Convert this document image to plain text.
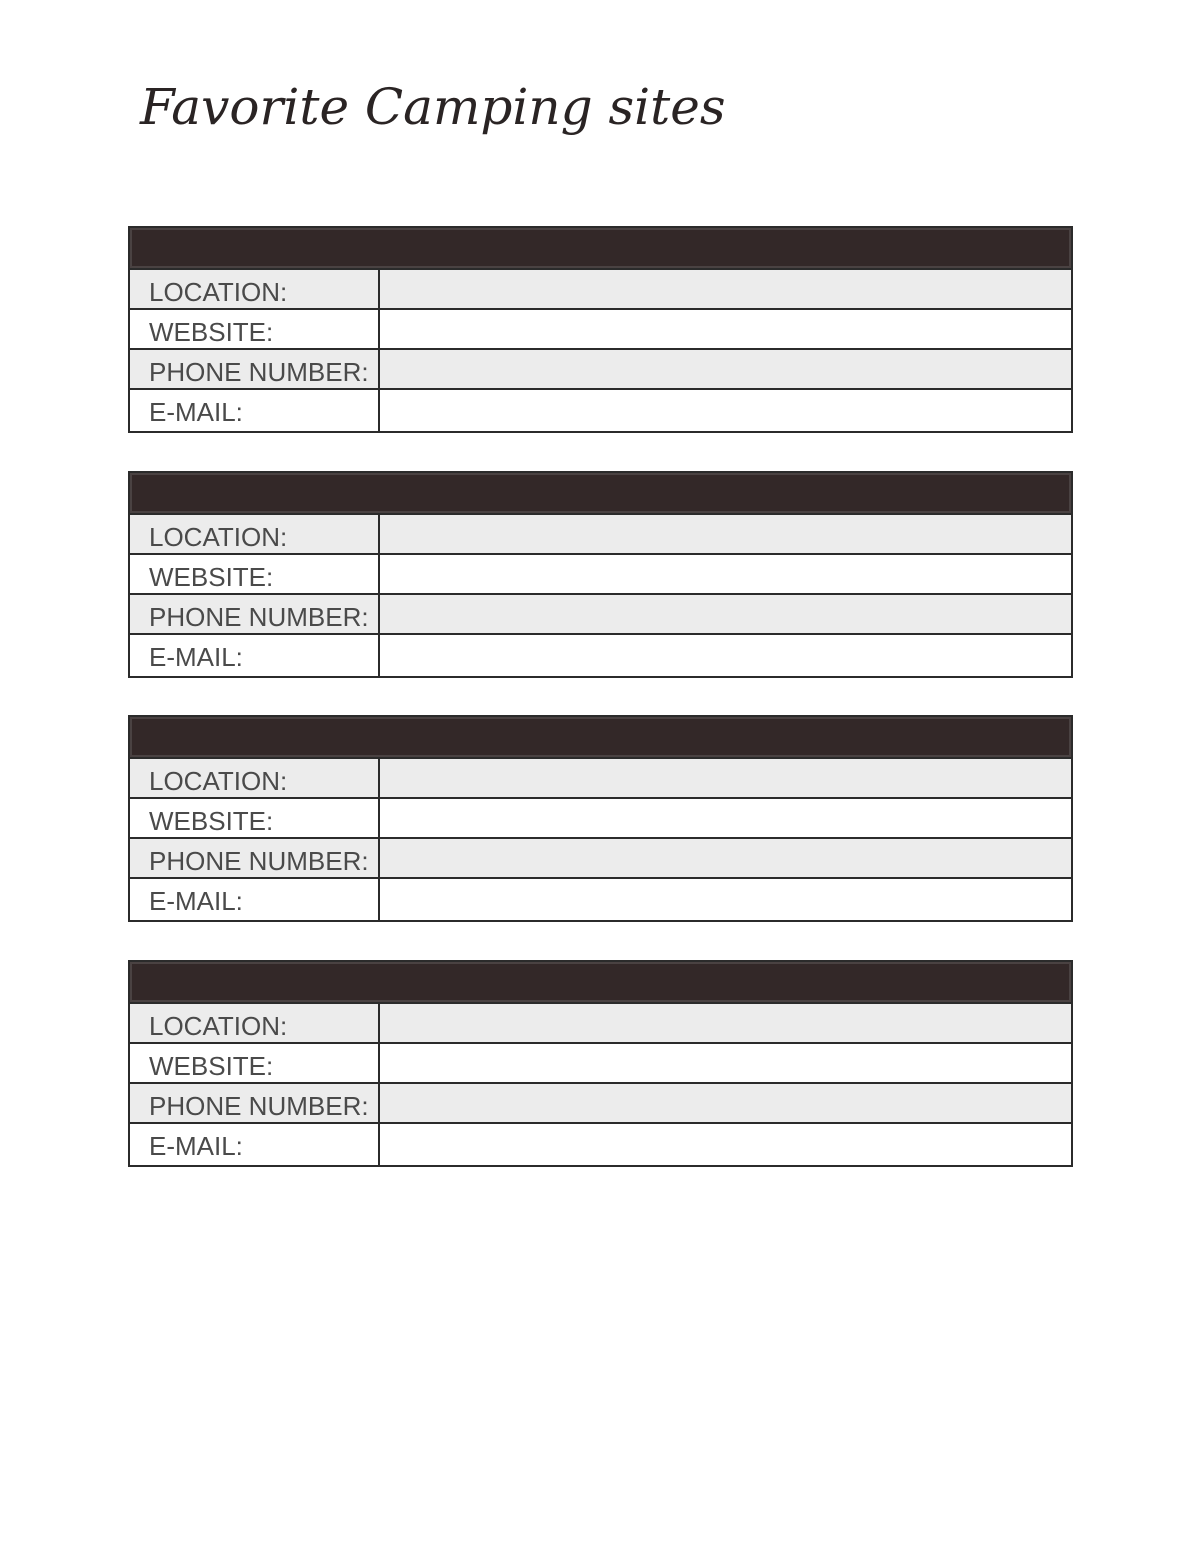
Favorite Camping sites
LOCATION:
WEBSITE:
PHONE NUMBER:
E-MAIL:
LOCATION:
WEBSITE:
PHONE NUMBER:
E-MAIL:
LOCATION:
WEBSITE:
PHONE NUMBER:
E-MAIL:
LOCATION:
WEBSITE:
PHONE NUMBER:
E-MAIL:
